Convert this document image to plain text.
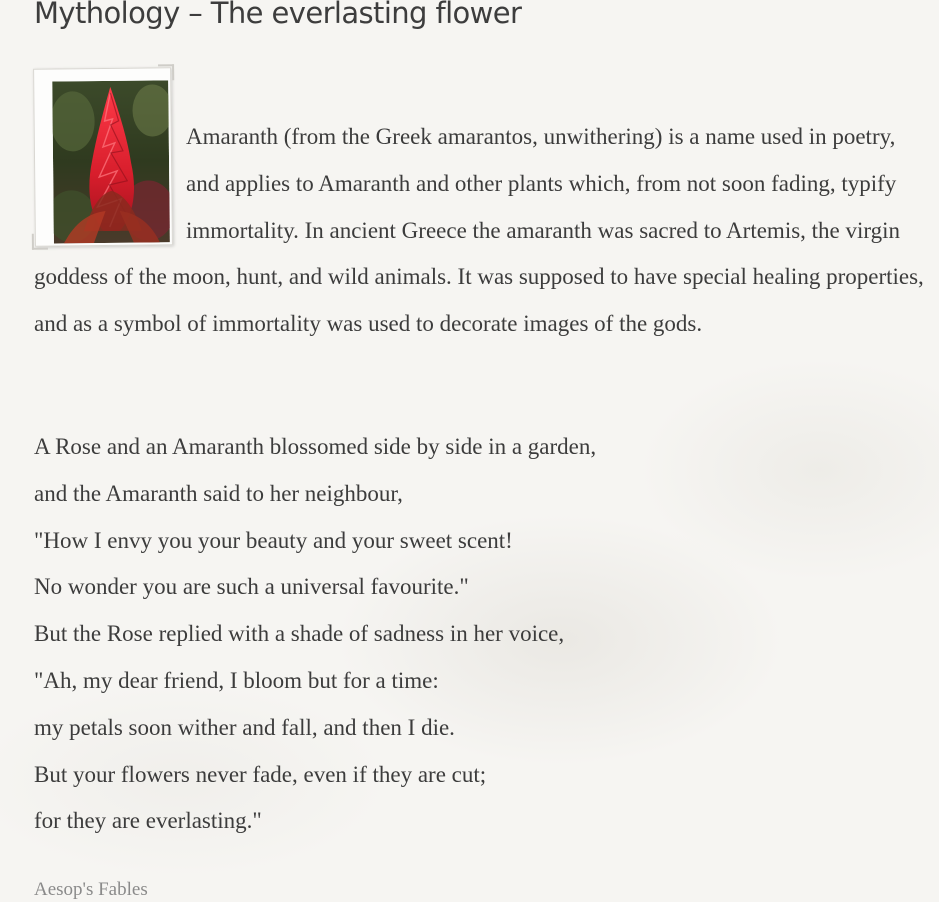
Mythology – The everlasting flower

Amaranth (from the Greek amarantos, unwithering) is a name used in poetry, and applies to Amaranth and other plants which, from not soon fading, typify immortality. In ancient Greece the amaranth was sacred to Artemis, the virgin goddess of the moon, hunt, and wild animals. It was supposed to have special healing properties, and as a symbol of immortality was used to decorate images of the gods.

A Rose and an Amaranth blossomed side by side in a garden,
and the Amaranth said to her neighbour,
"How I envy you your beauty and your sweet scent!
No wonder you are such a universal favourite."
But the Rose replied with a shade of sadness in her voice,
"Ah, my dear friend, I bloom but for a time:
my petals soon wither and fall, and then I die.
But your flowers never fade, even if they are cut;
for they are everlasting."
Aesop's Fables
